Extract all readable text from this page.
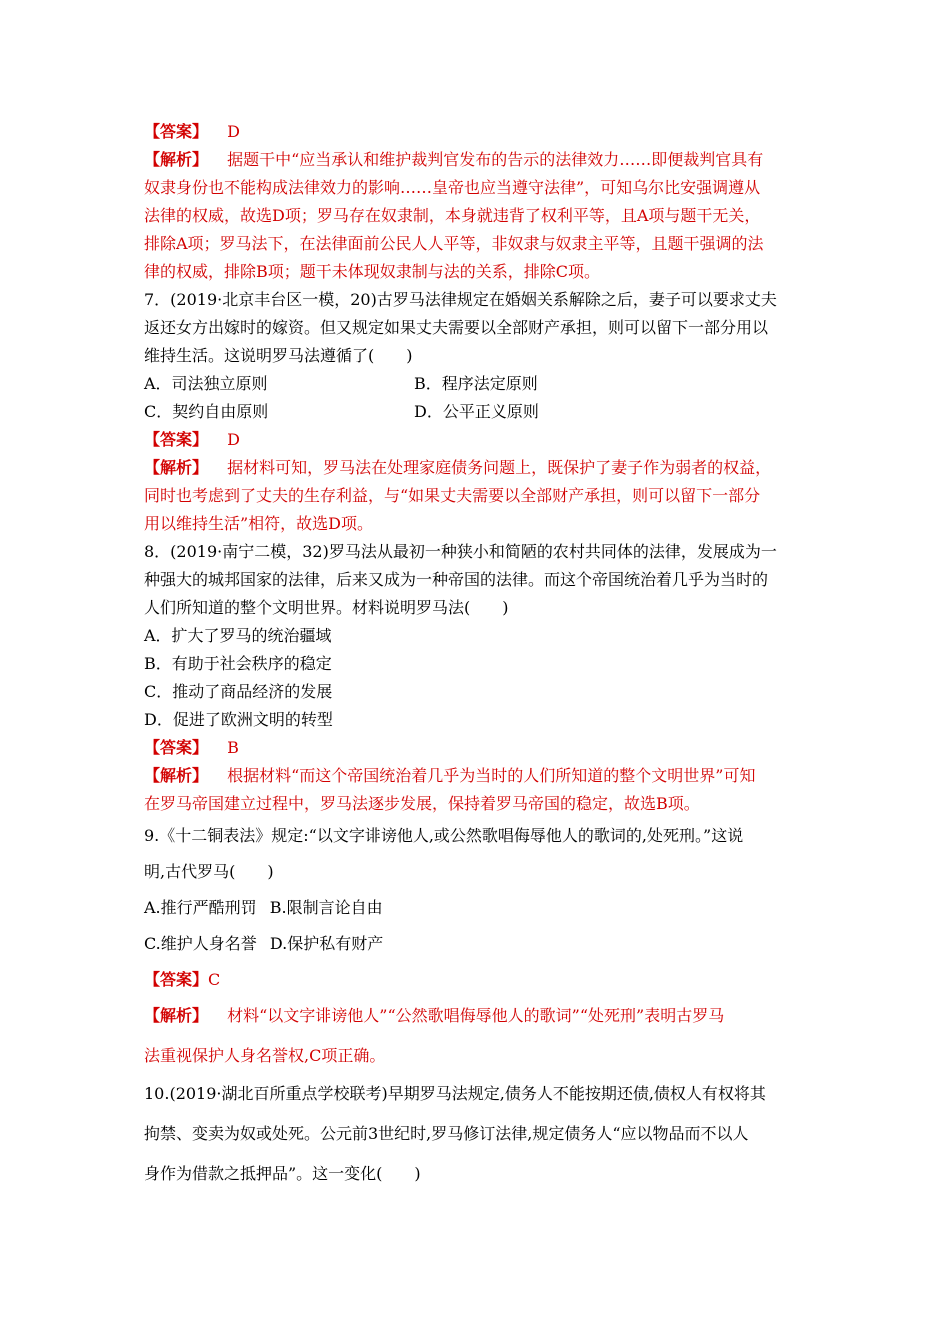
【答案】 D
【解析】 据题干中“应当承认和维护裁判官发布的告示的法律效力……即便裁判官具有
奴隶身份也不能构成法律效力的影响……皇帝也应当遵守法律”，可知乌尔比安强调遵从
法律的权威，故选D项；罗马存在奴隶制，本身就违背了权利平等，且A项与题干无关，
排除A项；罗马法下，在法律面前公民人人平等，非奴隶与奴隶主平等，且题干强调的法
律的权威，排除B项；题干未体现奴隶制与法的关系，排除C项。
7．(2019·北京丰台区一模，20)古罗马法律规定在婚姻关系解除之后，妻子可以要求丈夫
返还女方出嫁时的嫁资。但又规定如果丈夫需要以全部财产承担，则可以留下一部分用以
维持生活。这说明罗马法遵循了(　　)
A．司法独立原则	B．程序法定原则
C．契约自由原则	D．公平正义原则
【答案】 D
【解析】 据材料可知，罗马法在处理家庭债务问题上，既保护了妻子作为弱者的权益，
同时也考虑到了丈夫的生存利益，与“如果丈夫需要以全部财产承担，则可以留下一部分
用以维持生活”相符，故选D项。
8．(2019·南宁二模，32)罗马法从最初一种狭小和简陋的农村共同体的法律，发展成为一
种强大的城邦国家的法律，后来又成为一种帝国的法律。而这个帝国统治着几乎为当时的
人们所知道的整个文明世界。材料说明罗马法(　　)
A．扩大了罗马的统治疆域
B．有助于社会秩序的稳定
C．推动了商品经济的发展
D．促进了欧洲文明的转型
【答案】 B
【解析】 根据材料“而这个帝国统治着几乎为当时的人们所知道的整个文明世界”可知
在罗马帝国建立过程中，罗马法逐步发展，保持着罗马帝国的稳定，故选B项。
9.《十二铜表法》规定:“以文字诽谤他人,或公然歌唱侮辱他人的歌词的,处死刑。”这说
明,古代罗马(　　)
A.推行严酷刑罚 B.限制言论自由
C.维护人身名誉 D.保护私有财产
【答案】C
【解析】 材料“以文字诽谤他人”“公然歌唱侮辱他人的歌词”“处死刑”表明古罗马
法重视保护人身名誉权,C项正确。
10.(2019·湖北百所重点学校联考)早期罗马法规定,债务人不能按期还债,债权人有权将其
拘禁、变卖为奴或处死。公元前3世纪时,罗马修订法律,规定债务人“应以物品而不以人
身作为借款之抵押品”。这一变化(　　)
